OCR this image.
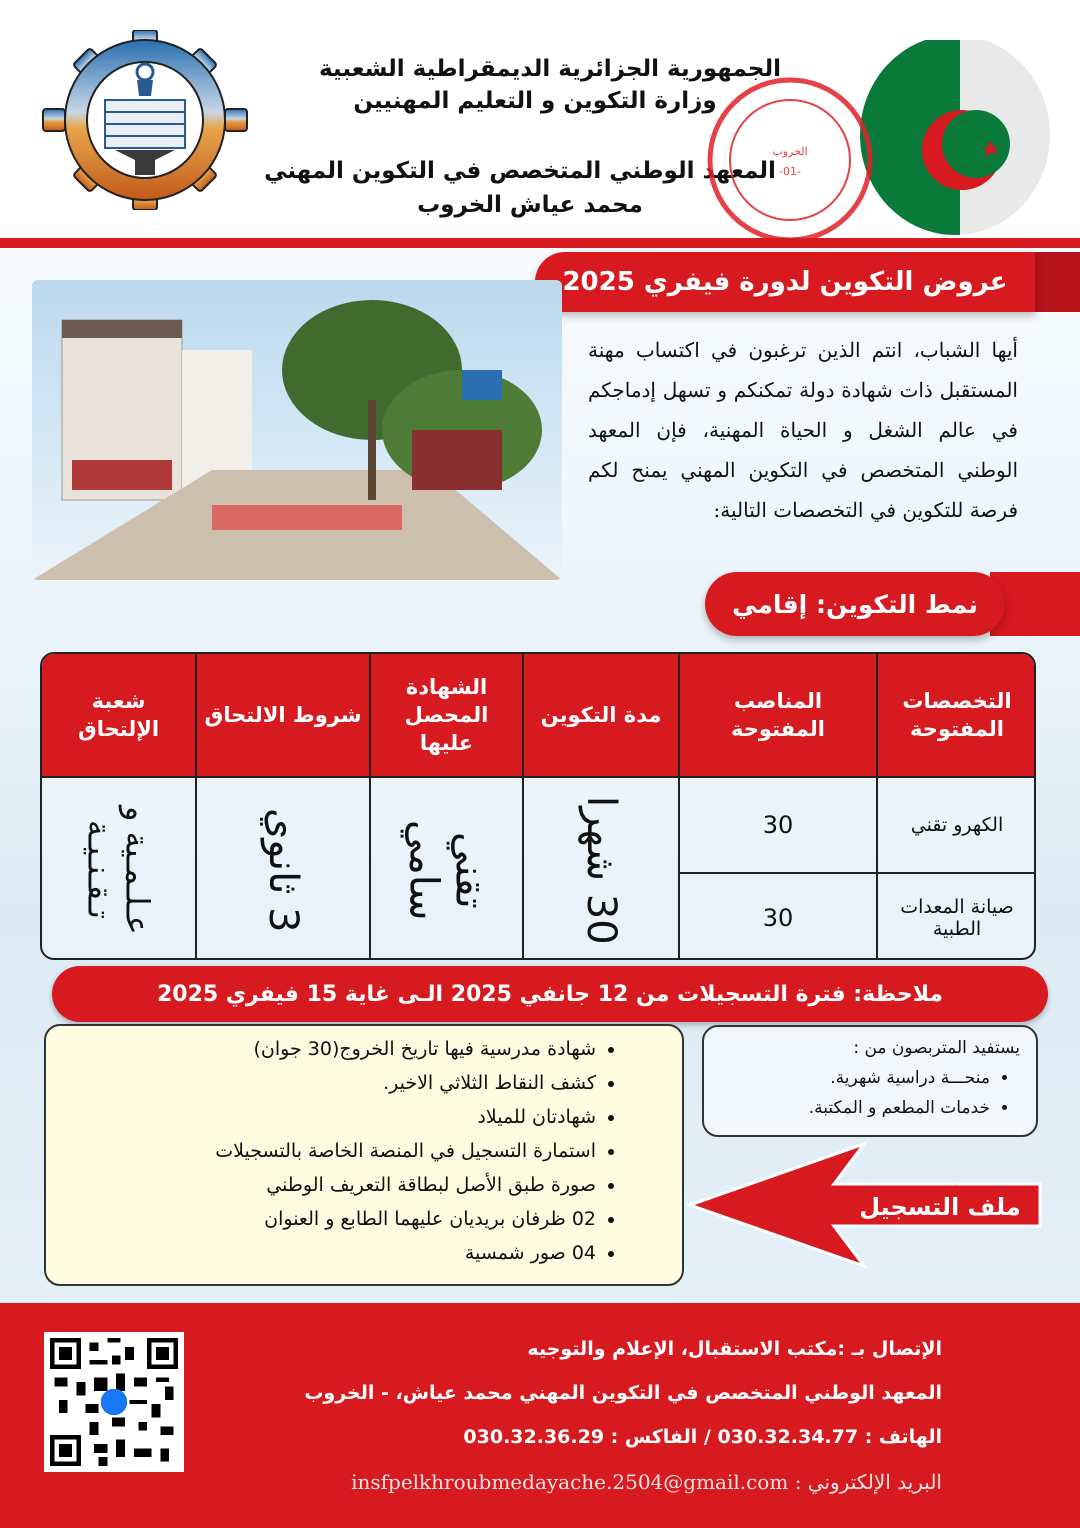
الجمهورية الجزائرية الديمقراطية الشعبية
وزارة التكوين و التعليم المهنيين
المعهد الوطني المتخصص في التكوين المهني
محمد عياش الخروب
الخروب
-01-
عروض التكوين لدورة فيفري 2025
أيها الشباب، انتم الذين ترغبون في اكتساب مهنة المستقبل ذات شهادة دولة تمكنكم و تسهل إدماجكم في عالم الشغل و الحياة المهنية، فإن المعهد الوطني المتخصص في التكوين المهني يمنح لكم فرصة للتكوين في التخصصات التالية:
نمط التكوين: إقامي
التخصصات المفتوحة
المناصب المفتوحة
مدة التكوين
الشهادة المحصل عليها
شروط الالتحاق
شعبة الإلتحاق
الكهرو تقني
30
صيانة المعدات الطبية
30
30 شهرا
تقني سامي
3 ثانوي
عـلـمـية و تـقـنـيـة
ملاحظة: فترة التسجيلات من 12 جانفي 2025 الـى غاية 15 فيفري 2025
يستفيد المتربصون من :
• منحـــة دراسية شهرية.
• خدمات المطعم و المكتبة.
• شهادة مدرسية فيها تاريخ الخروج(30 جوان)
• كشف النقاط الثلاثي الاخير.
• شهادتان للميلاد
• استمارة التسجيل في المنصة الخاصة بالتسجيلات
• صورة طبق الأصل لبطاقة التعريف الوطني
• 02 ظرفان بريديان عليهما الطابع و العنوان
• 04 صور شمسية
ملف التسجيل
الإتصال بـ :مكتب الاستقبال، الإعلام والتوجيه
المعهد الوطني المتخصص في التكوين المهني محمد عياش، - الخروب
الهاتف : 030.32.34.77 / الفاكس : 030.32.36.29
البريد الإلكتروني : insfpelkhroubmedayache.2504@gmail.com
